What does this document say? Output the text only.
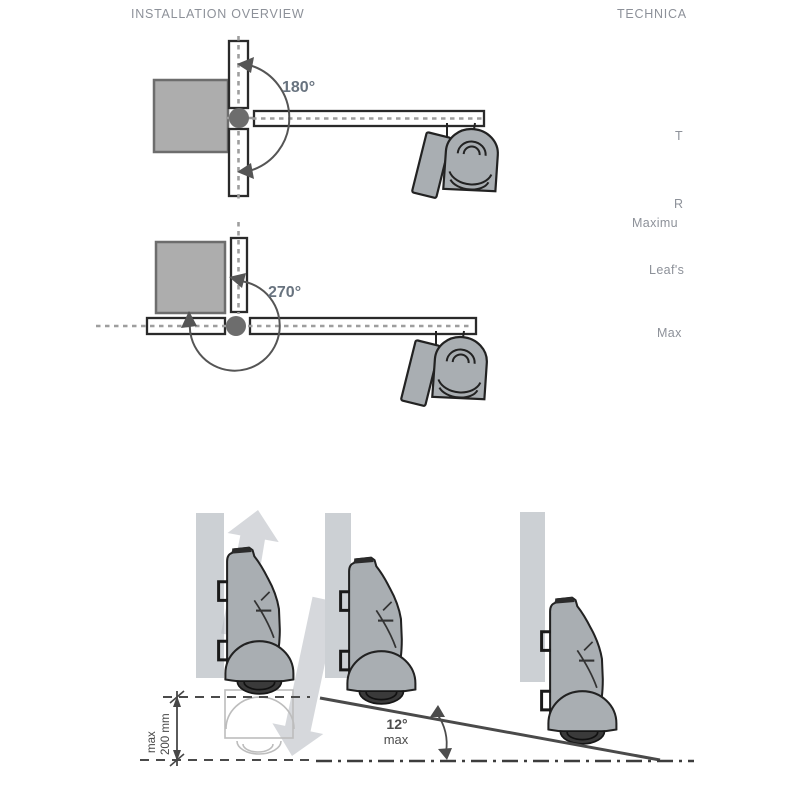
INSTALLATION OVERVIEW	TECHNICA
T
R
Maximu
Leaf's
Max
180°
270°
max 200 mm	12°
max
